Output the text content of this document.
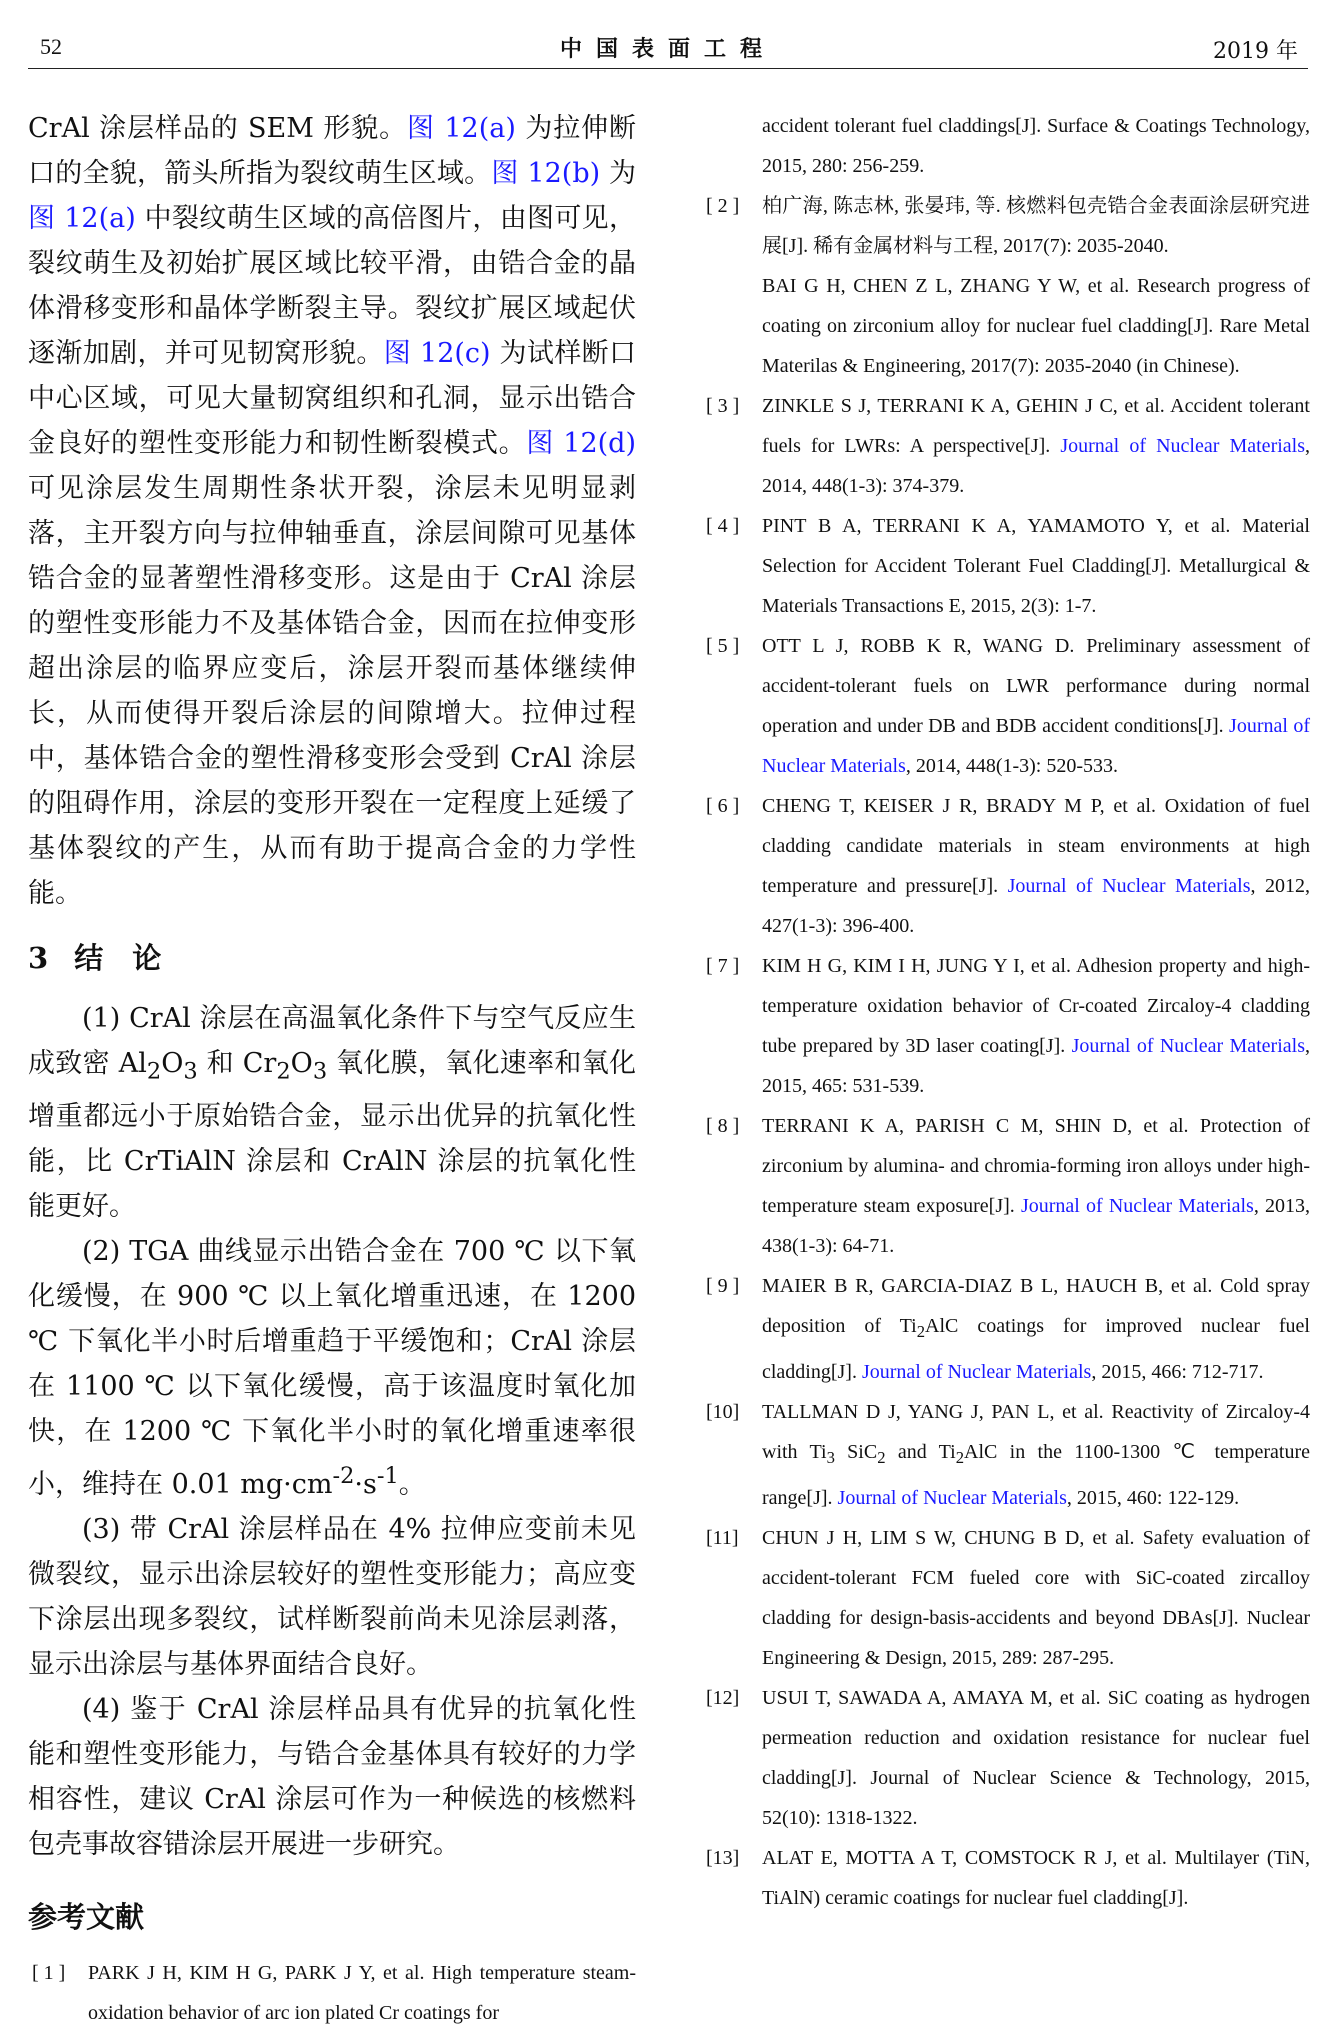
52	中国表面工程	2019 年

CrAl 涂层样品的 SEM 形貌。图 12(a) 为拉伸断口的全貌，箭头所指为裂纹萌生区域。图 12(b) 为图 12(a) 中裂纹萌生区域的高倍图片，由图可见，裂纹萌生及初始扩展区域比较平滑，由锆合金的晶体滑移变形和晶体学断裂主导。裂纹扩展区域起伏逐渐加剧，并可见韧窝形貌。图 12(c) 为试样断口中心区域，可见大量韧窝组织和孔洞，显示出锆合金良好的塑性变形能力和韧性断裂模式。图 12(d) 可见涂层发生周期性条状开裂，涂层未见明显剥落，主开裂方向与拉伸轴垂直，涂层间隙可见基体锆合金的显著塑性滑移变形。这是由于 CrAl 涂层的塑性变形能力不及基体锆合金，因而在拉伸变形超出涂层的临界应变后，涂层开裂而基体继续伸长，从而使得开裂后涂层的间隙增大。拉伸过程中，基体锆合金的塑性滑移变形会受到 CrAl 涂层的阻碍作用，涂层的变形开裂在一定程度上延缓了基体裂纹的产生，从而有助于提高合金的力学性能。

3 结　论

(1) CrAl 涂层在高温氧化条件下与空气反应生成致密 $Al_2O_3$ 和 $Cr_2O_3$ 氧化膜，氧化速率和氧化增重都远小于原始锆合金，显示出优异的抗氧化性能，比 CrTiAlN 涂层和 CrAlN 涂层的抗氧化性能更好。

(2) TGA 曲线显示出锆合金在 700 ℃ 以下氧化缓慢，在 900 ℃ 以上氧化增重迅速，在 1200 ℃ 下氧化半小时后增重趋于平缓饱和；CrAl 涂层在 1100 ℃ 以下氧化缓慢，高于该温度时氧化加快，在 1200 ℃ 下氧化半小时的氧化增重速率很小，维持在 0.01 $mg\cdot cm^{-2}\cdot s^{-1}$。

(3) 带 CrAl 涂层样品在 4% 拉伸应变前未见微裂纹，显示出涂层较好的塑性变形能力；高应变下涂层出现多裂纹，试样断裂前尚未见涂层剥落，显示出涂层与基体界面结合良好。

(4) 鉴于 CrAl 涂层样品具有优异的抗氧化性能和塑性变形能力，与锆合金基体具有较好的力学相容性，建议 CrAl 涂层可作为一种候选的核燃料包壳事故容错涂层开展进一步研究。

参考文献
[ 1 ]	PARK J H, KIM H G, PARK J Y, et al. High temperature steam-oxidation behavior of arc ion plated Cr coatings for

accident tolerant fuel claddings[J]. Surface & Coatings Technology, 2015, 280: 256-259.

[ 2 ]	柏广海, 陈志林, 张晏玮, 等. 核燃料包壳锆合金表面涂层研究进展[J]. 稀有金属材料与工程, 2017(7): 2035-2040.
BAI G H, CHEN Z L, ZHANG Y W, et al. Research progress of coating on zirconium alloy for nuclear fuel cladding[J]. Rare Metal Materilas & Engineering, 2017(7): 2035-2040 (in Chinese).
[ 3 ]	ZINKLE S J, TERRANI K A, GEHIN J C, et al. Accident tolerant fuels for LWRs: A perspective[J]. Journal of Nuclear Materials, 2014, 448(1-3): 374-379.
[ 4 ]	PINT B A, TERRANI K A, YAMAMOTO Y, et al. Material Selection for Accident Tolerant Fuel Cladding[J]. Metallurgical & Materials Transactions E, 2015, 2(3): 1-7.
[ 5 ]	OTT L J, ROBB K R, WANG D. Preliminary assessment of accident-tolerant fuels on LWR performance during normal operation and under DB and BDB accident conditions[J]. Journal of Nuclear Materials, 2014, 448(1-3): 520-533.
[ 6 ]	CHENG T, KEISER J R, BRADY M P, et al. Oxidation of fuel cladding candidate materials in steam environments at high temperature and pressure[J]. Journal of Nuclear Materials, 2012, 427(1-3): 396-400.
[ 7 ]	KIM H G, KIM I H, JUNG Y I, et al. Adhesion property and high-temperature oxidation behavior of Cr-coated Zircaloy-4 cladding tube prepared by 3D laser coating[J]. Journal of Nuclear Materials, 2015, 465: 531-539.
[ 8 ]	TERRANI K A, PARISH C M, SHIN D, et al. Protection of zirconium by alumina- and chromia-forming iron alloys under high-temperature steam exposure[J]. Journal of Nuclear Materials, 2013, 438(1-3): 64-71.
[ 9 ]	MAIER B R, GARCIA-DIAZ B L, HAUCH B, et al. Cold spray deposition of $Ti_2AlC$ coatings for improved nuclear fuel cladding[J]. Journal of Nuclear Materials, 2015, 466: 712-717.
[10]	TALLMAN D J, YANG J, PAN L, et al. Reactivity of Zircaloy-4 with $Ti_3$ SiC$_2$ and $Ti_2AlC$ in the 1100-1300 ℃ temperature range[J]. Journal of Nuclear Materials, 2015, 460: 122-129.
[11]	CHUN J H, LIM S W, CHUNG B D, et al. Safety evaluation of accident-tolerant FCM fueled core with SiC-coated zircalloy cladding for design-basis-accidents and beyond DBAs[J]. Nuclear Engineering & Design, 2015, 289: 287-295.
[12]	USUI T, SAWADA A, AMAYA M, et al. SiC coating as hydrogen permeation reduction and oxidation resistance for nuclear fuel cladding[J]. Journal of Nuclear Science & Technology, 2015, 52(10): 1318-1322.
[13]	ALAT E, MOTTA A T, COMSTOCK R J, et al. Multilayer (TiN, TiAlN) ceramic coatings for nuclear fuel cladding[J].
